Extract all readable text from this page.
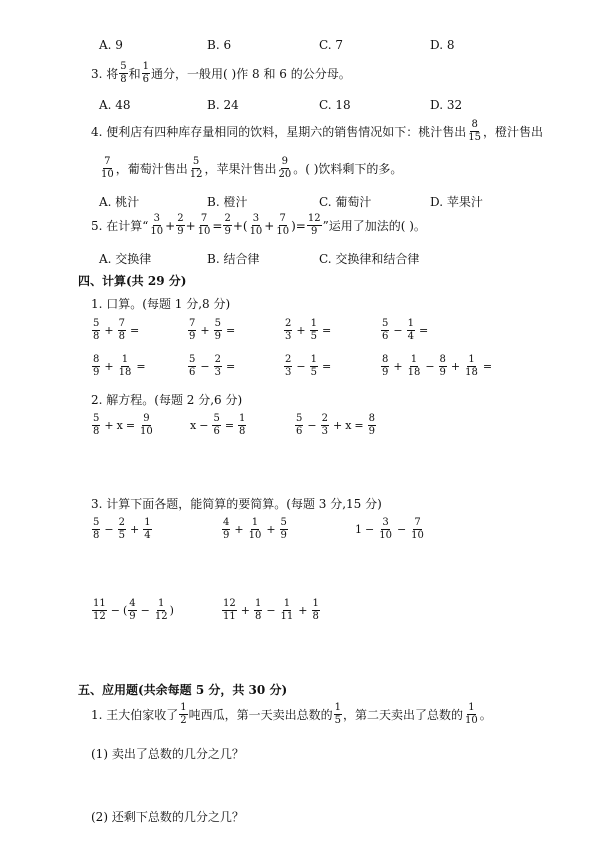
A. 9	B. 6	C. 7	D. 8
3. 将 $\frac{5}{8}$ 和 $\frac{1}{6}$ 通分，一般用( )作 8 和 6 的公分母。
A. 48	B. 24	C. 18	D. 32
4. 便利店有四种库存量相同的饮料，星期六的销售情况如下：桃汁售出 $\frac{8}{15}$ ，橙汁售出
$\frac{7}{10}$ ，葡萄汁售出 $\frac{5}{12}$ ，苹果汁售出 $\frac{9}{20}$ 。( )饮料剩下的多。
A. 桃汁	B. 橙汁	C. 葡萄汁	D. 苹果汁
5. 在计算“ $\frac{3}{10} + \frac{2}{9} + \frac{7}{10} = \frac{2}{9}$ + ( $\frac{3}{10} + \frac{7}{10}$ ) = $\frac{12}{9}$ ”运用了加法的( )。
A. 交换律	B. 结合律	C. 交换律和结合律
四、计算(共 29 分)
1. 口算。(每题 1 分,8 分)
$\frac{5}{8} + \frac{7}{8}$ =	$\frac{7}{9} + \frac{5}{9}$ =	$\frac{2}{3} + \frac{1}{5}$ =	$\frac{5}{6} - \frac{1}{4}$ =
$\frac{8}{9} + \frac{1}{18}$ =	$\frac{5}{6} - \frac{2}{3}$ =	$\frac{2}{3} - \frac{1}{5}$ =	$\frac{8}{9} + \frac{1}{18} - \frac{8}{9} + \frac{1}{18}$ =
2. 解方程。(每题 2 分,6 分)
$\frac{5}{8} + x = \frac{9}{10}$	$x - \frac{5}{6} = \frac{1}{8}$	$\frac{5}{6} - \frac{2}{3} + x = \frac{8}{9}$
3. 计算下面各题，能简算的要简算。(每题 3 分,15 分)
$\frac{5}{8} - \frac{2}{5} + \frac{1}{4}$	$\frac{4}{9} + \frac{1}{10} + \frac{5}{9}$	$1 - \frac{3}{10} - \frac{7}{10}$
$\frac{11}{12}$ − ( $\frac{4}{9} - \frac{1}{12}$ )	$\frac{12}{11} + \frac{1}{8} - \frac{1}{11} + \frac{1}{8}$
五、应用题(共余每题 5 分，共 30 分)
1. 王大伯家收了 $\frac{1}{2}$ 吨西瓜，第一天卖出总数的 $\frac{1}{5}$ ，第二天卖出了总数的 $\frac{1}{10}$ 。
(1) 卖出了总数的几分之几？
(2) 还剩下总数的几分之几？
